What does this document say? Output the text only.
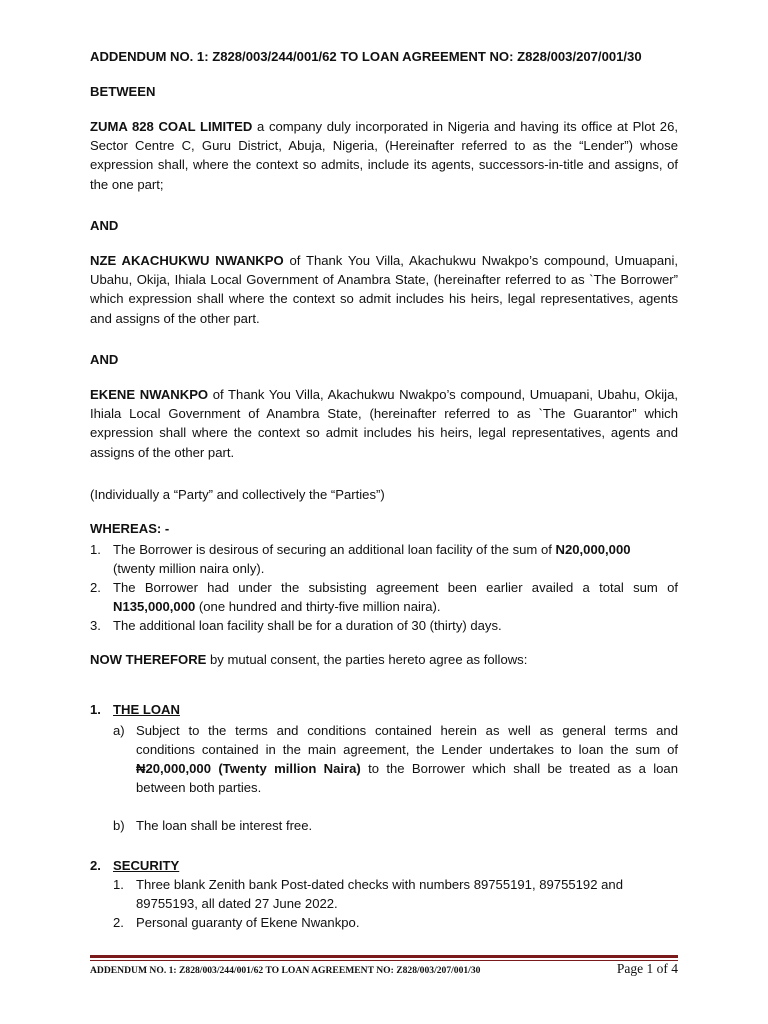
ADDENDUM NO. 1: Z828/003/244/001/62 TO LOAN AGREEMENT NO: Z828/003/207/001/30

BETWEEN

ZUMA 828 COAL LIMITED a company duly incorporated in Nigeria and having its office at Plot 26, Sector Centre C, Guru District, Abuja, Nigeria, (Hereinafter referred to as the “Lender”) whose expression shall, where the context so admits, include its agents, successors-in-title and assigns, of the one part;

AND

NZE AKACHUKWU NWANKPO of Thank You Villa, Akachukwu Nwakpo’s compound, Umuapani, Ubahu, Okija, Ihiala Local Government of Anambra State, (hereinafter referred to as `The Borrower” which expression shall where the context so admit includes his heirs, legal representatives, agents and assigns of the other part.

AND

EKENE NWANKPO of Thank You Villa, Akachukwu Nwakpo’s compound, Umuapani, Ubahu, Okija, Ihiala Local Government of Anambra State, (hereinafter referred to as `The Guarantor” which expression shall where the context so admit includes his heirs, legal representatives, agents and assigns of the other part.

(Individually a “Party” and collectively the “Parties”)

WHEREAS: -

1. The Borrower is desirous of securing an additional loan facility of the sum of N20,000,000
(twenty million naira only).
2. The Borrower had under the subsisting agreement been earlier availed a total sum of
N135,000,000 (one hundred and thirty-five million naira).
3. The additional loan facility shall be for a duration of 30 (thirty) days.

NOW THEREFORE by mutual consent, the parties hereto agree as follows:

1. THE LOAN
a) Subject to the terms and conditions contained herein as well as general terms and
conditions contained in the main agreement, the Lender undertakes to loan the sum of
₦20,000,000 (Twenty million Naira) to the Borrower which shall be treated as a loan
between both parties.
b) The loan shall be interest free.
2. SECURITY
1. Three blank Zenith bank Post-dated checks with numbers 89755191, 89755192 and
89755193, all dated 27 June 2022.
2. Personal guaranty of Ekene Nwankpo.
ADDENDUM NO. 1: Z828/003/244/001/62 TO LOAN AGREEMENT NO: Z828/003/207/001/30	Page 1 of 4
